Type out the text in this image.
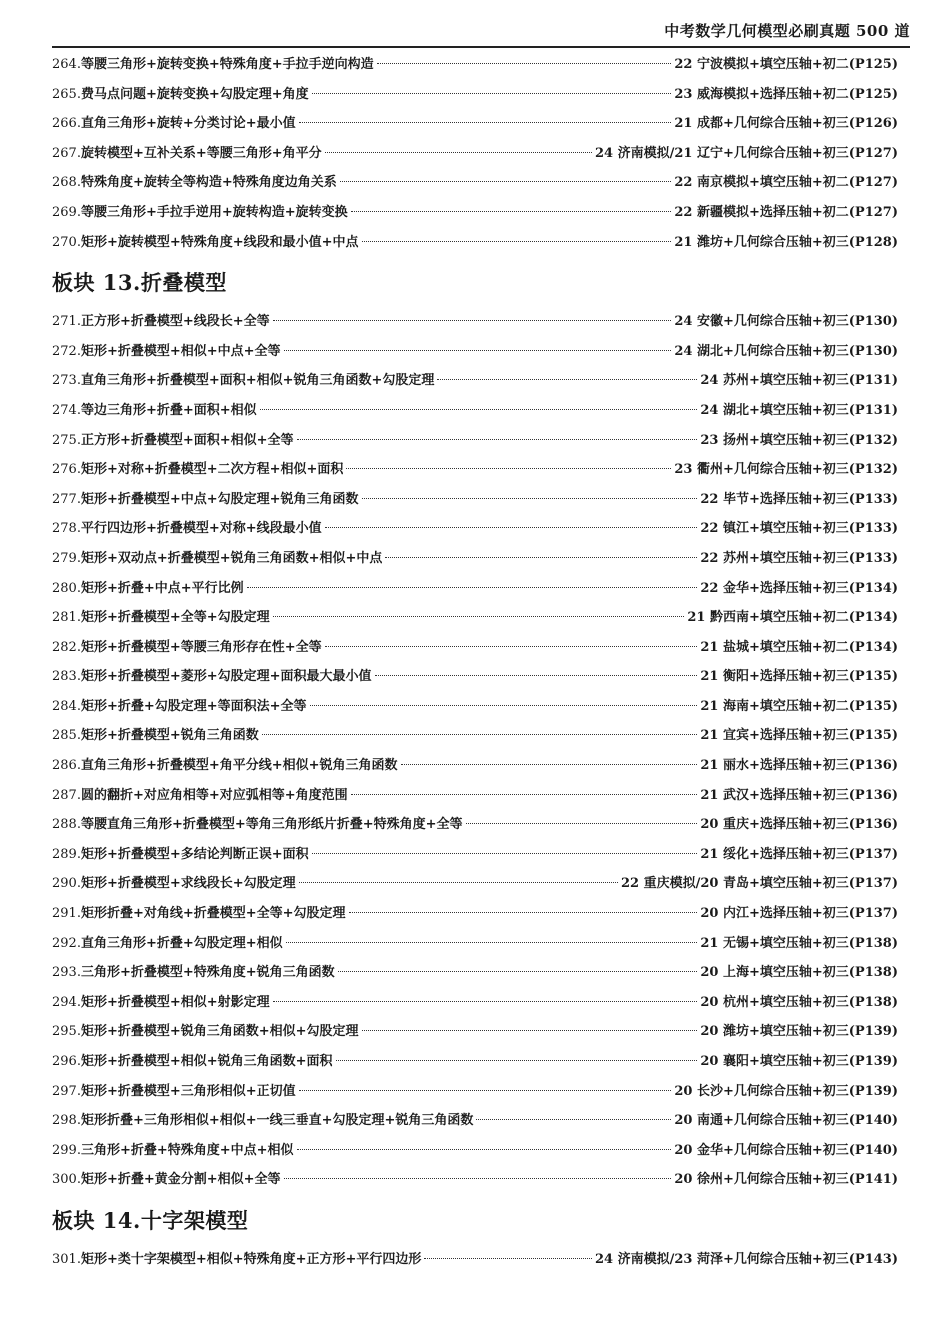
中考数学几何模型必刷真题 500 道
264. 等腰三角形+旋转变换+特殊角度+手拉手逆向构造	22 宁波模拟+填空压轴+初二(P125)
265. 费马点问题+旋转变换+勾股定理+角度	23 威海模拟+选择压轴+初二(P125)
266. 直角三角形+旋转+分类讨论+最小值	21 成都+几何综合压轴+初三(P126)
267. 旋转模型+互补关系+等腰三角形+角平分	24 济南模拟/21 辽宁+几何综合压轴+初三(P127)
268. 特殊角度+旋转全等构造+特殊角度边角关系	22 南京模拟+填空压轴+初二(P127)
269. 等腰三角形+手拉手逆用+旋转构造+旋转变换	22 新疆模拟+选择压轴+初二(P127)
270. 矩形+旋转模型+特殊角度+线段和最小值+中点	21 潍坊+几何综合压轴+初三(P128)
板块 13.折叠模型
271. 正方形+折叠模型+线段长+全等	24 安徽+几何综合压轴+初三(P130)
272. 矩形+折叠模型+相似+中点+全等	24 湖北+几何综合压轴+初三(P130)
273. 直角三角形+折叠模型+面积+相似+锐角三角函数+勾股定理	24 苏州+填空压轴+初三(P131)
274. 等边三角形+折叠+面积+相似	24 湖北+填空压轴+初三(P131)
275. 正方形+折叠模型+面积+相似+全等	23 扬州+填空压轴+初三(P132)
276. 矩形+对称+折叠模型+二次方程+相似+面积	23 衢州+几何综合压轴+初三(P132)
277. 矩形+折叠模型+中点+勾股定理+锐角三角函数	22 毕节+选择压轴+初三(P133)
278. 平行四边形+折叠模型+对称+线段最小值	22 镇江+填空压轴+初三(P133)
279. 矩形+双动点+折叠模型+锐角三角函数+相似+中点	22 苏州+填空压轴+初三(P133)
280. 矩形+折叠+中点+平行比例	22 金华+选择压轴+初三(P134)
281. 矩形+折叠模型+全等+勾股定理	21 黔西南+填空压轴+初二(P134)
282. 矩形+折叠模型+等腰三角形存在性+全等	21 盐城+填空压轴+初二(P134)
283. 矩形+折叠模型+菱形+勾股定理+面积最大最小值	21 衡阳+选择压轴+初三(P135)
284. 矩形+折叠+勾股定理+等面积法+全等	21 海南+填空压轴+初二(P135)
285. 矩形+折叠模型+锐角三角函数	21 宜宾+选择压轴+初三(P135)
286. 直角三角形+折叠模型+角平分线+相似+锐角三角函数	21 丽水+选择压轴+初三(P136)
287. 圆的翻折+对应角相等+对应弧相等+角度范围	21 武汉+选择压轴+初三(P136)
288. 等腰直角三角形+折叠模型+等角三角形纸片折叠+特殊角度+全等	20 重庆+选择压轴+初三(P136)
289. 矩形+折叠模型+多结论判断正误+面积	21 绥化+选择压轴+初三(P137)
290. 矩形+折叠模型+求线段长+勾股定理	22 重庆模拟/20 青岛+填空压轴+初三(P137)
291. 矩形折叠+对角线+折叠模型+全等+勾股定理	20 内江+选择压轴+初三(P137)
292. 直角三角形+折叠+勾股定理+相似	21 无锡+填空压轴+初三(P138)
293. 三角形+折叠模型+特殊角度+锐角三角函数	20 上海+填空压轴+初三(P138)
294. 矩形+折叠模型+相似+射影定理	20 杭州+填空压轴+初三(P138)
295. 矩形+折叠模型+锐角三角函数+相似+勾股定理	20 潍坊+填空压轴+初三(P139)
296. 矩形+折叠模型+相似+锐角三角函数+面积	20 襄阳+填空压轴+初三(P139)
297. 矩形+折叠模型+三角形相似+正切值	20 长沙+几何综合压轴+初三(P139)
298. 矩形折叠+三角形相似+相似+一线三垂直+勾股定理+锐角三角函数	20 南通+几何综合压轴+初三(P140)
299. 三角形+折叠+特殊角度+中点+相似	20 金华+几何综合压轴+初三(P140)
300. 矩形+折叠+黄金分割+相似+全等	20 徐州+几何综合压轴+初三(P141)
板块 14.十字架模型
301. 矩形+类十字架模型+相似+特殊角度+正方形+平行四边形	24 济南模拟/23 菏泽+几何综合压轴+初三(P143)
